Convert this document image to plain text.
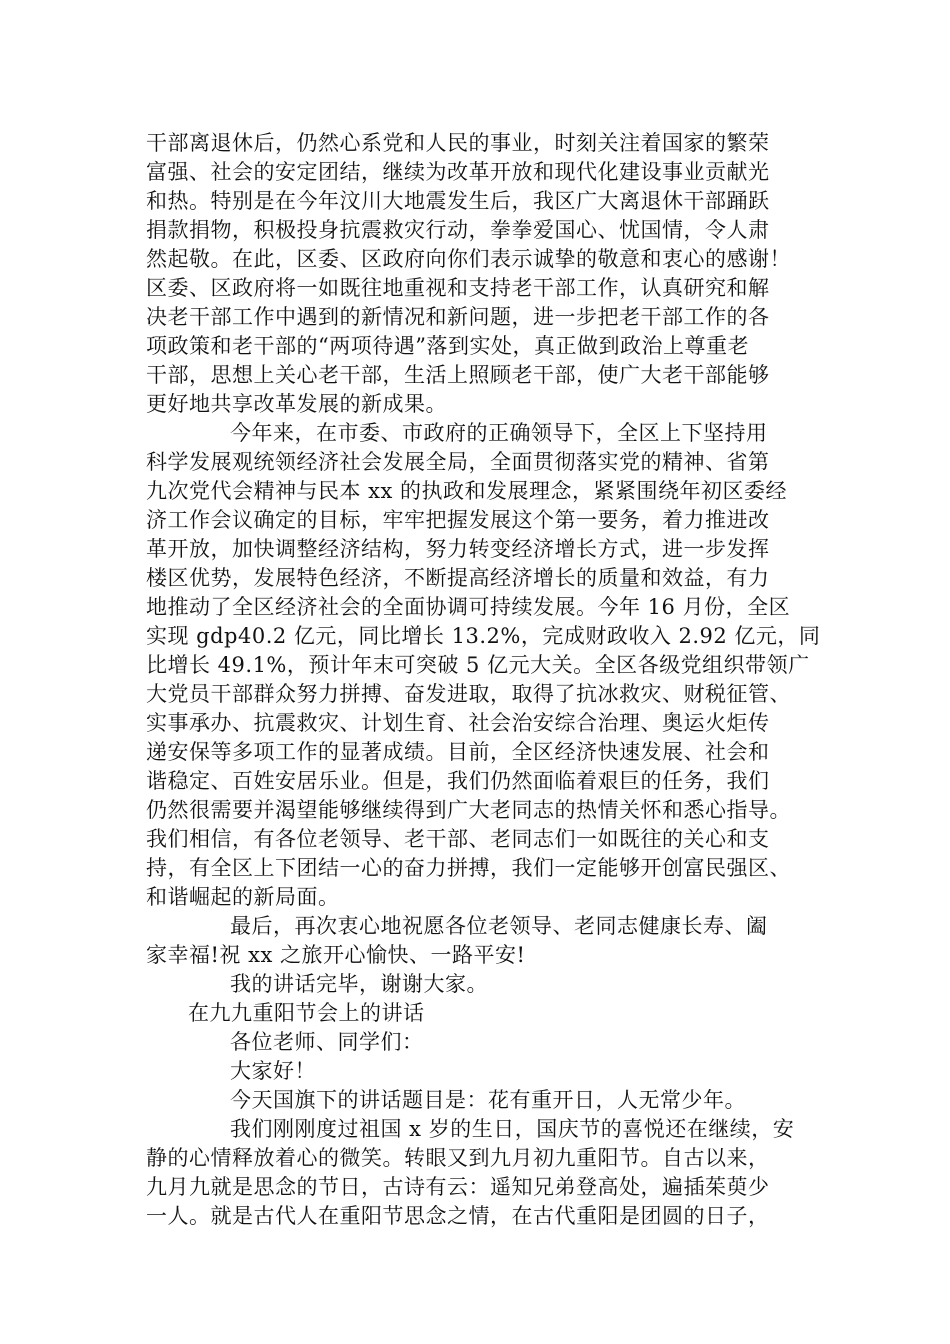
干部离退休后，仍然心系党和人民的事业，时刻关注着国家的繁荣
富强、社会的安定团结，继续为改革开放和现代化建设事业贡献光
和热。特别是在今年汶川大地震发生后，我区广大离退休干部踊跃
捐款捐物，积极投身抗震救灾行动，拳拳爱国心、忧国情，令人肃
然起敬。在此，区委、区政府向你们表示诚挚的敬意和衷心的感谢！
区委、区政府将一如既往地重视和支持老干部工作，认真研究和解
决老干部工作中遇到的新情况和新问题，进一步把老干部工作的各
项政策和老干部的“两项待遇”落到实处，真正做到政治上尊重老
干部，思想上关心老干部，生活上照顾老干部，使广大老干部能够
更好地共享改革发展的新成果。
今年来，在市委、市政府的正确领导下，全区上下坚持用
科学发展观统领经济社会发展全局，全面贯彻落实党的精神、省第
九次党代会精神与民本 xx 的执政和发展理念，紧紧围绕年初区委经
济工作会议确定的目标，牢牢把握发展这个第一要务，着力推进改
革开放，加快调整经济结构，努力转变经济增长方式，进一步发挥
楼区优势，发展特色经济，不断提高经济增长的质量和效益，有力
地推动了全区经济社会的全面协调可持续发展。今年 16 月份，全区
实现 gdp40.2 亿元，同比增长 13.2%，完成财政收入 2.92 亿元，同
比增长 49.1%，预计年末可突破 5 亿元大关。全区各级党组织带领广
大党员干部群众努力拼搏、奋发进取，取得了抗冰救灾、财税征管、
实事承办、抗震救灾、计划生育、社会治安综合治理、奥运火炬传
递安保等多项工作的显著成绩。目前，全区经济快速发展、社会和
谐稳定、百姓安居乐业。但是，我们仍然面临着艰巨的任务，我们
仍然很需要并渴望能够继续得到广大老同志的热情关怀和悉心指导。
我们相信，有各位老领导、老干部、老同志们一如既往的关心和支
持，有全区上下团结一心的奋力拼搏，我们一定能够开创富民强区、
和谐崛起的新局面。
最后，再次衷心地祝愿各位老领导、老同志健康长寿、阖
家幸福!祝 xx 之旅开心愉快、一路平安!
我的讲话完毕，谢谢大家。
在九九重阳节会上的讲话
各位老师、同学们：
大家好！
今天国旗下的讲话题目是：花有重开日，人无常少年。
我们刚刚度过祖国 x 岁的生日，国庆节的喜悦还在继续，安
静的心情释放着心的微笑。转眼又到九月初九重阳节。自古以来，
九月九就是思念的节日，古诗有云：遥知兄弟登高处，遍插茱萸少
一人。就是古代人在重阳节思念之情，在古代重阳是团圆的日子，
